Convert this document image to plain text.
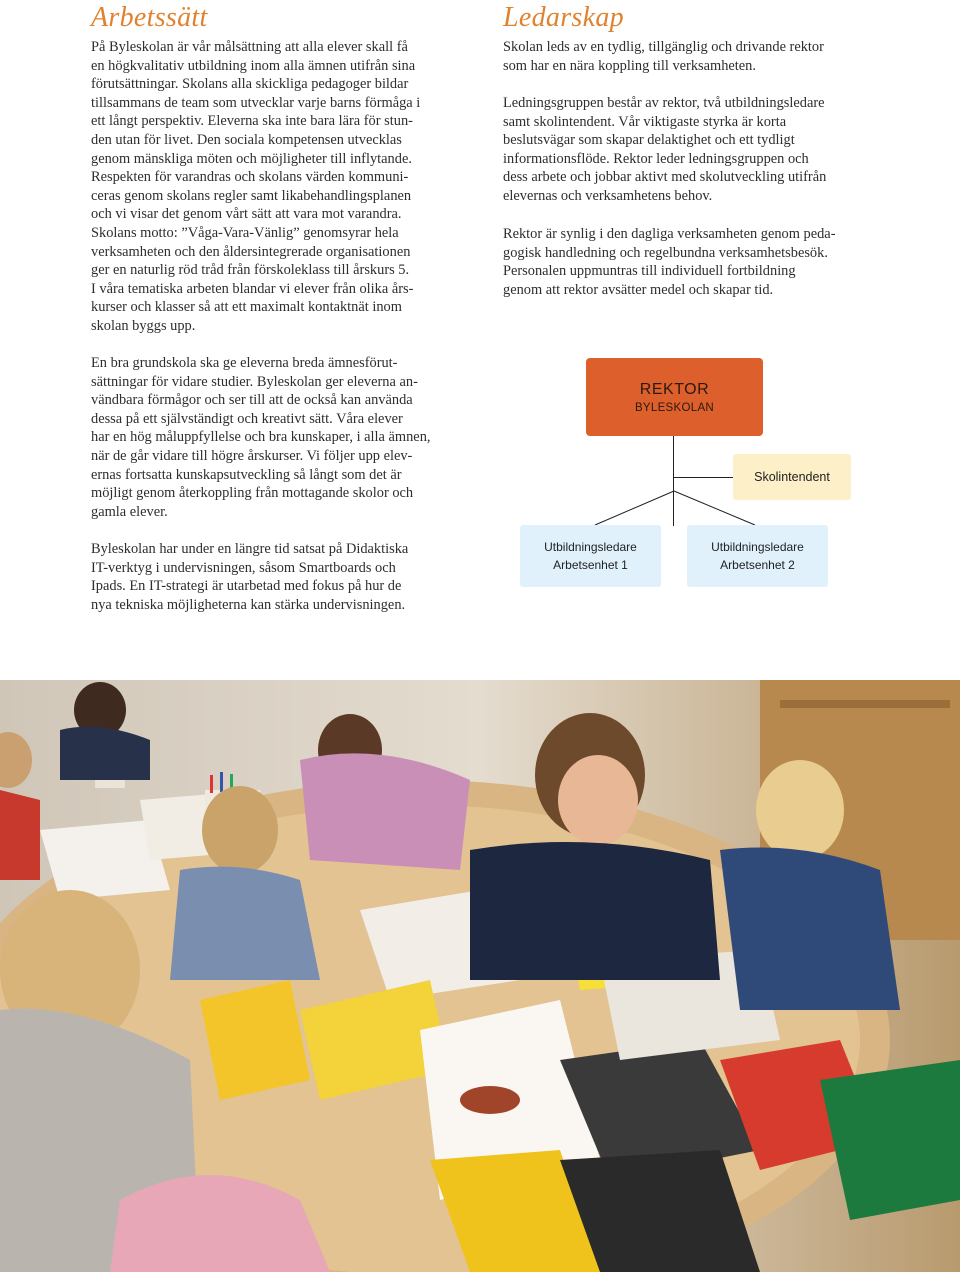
Arbetssätt
På Byleskolan är vår målsättning att alla elever skall få
en högkvalitativ utbildning inom alla ämnen utifrån sina
förutsättningar. Skolans alla skickliga pedagoger bildar
tillsammans de team som utvecklar varje barns förmåga i
ett långt perspektiv. Eleverna ska inte bara lära för stun-
den utan för livet. Den sociala kompetensen utvecklas
genom mänskliga möten och möjligheter till inflytande.
Respekten för varandras och skolans värden kommuni-
ceras genom skolans regler samt likabehandlingsplanen
och vi visar det genom vårt sätt att vara mot varandra.
Skolans motto: ”Våga-Vara-Vänlig” genomsyrar hela
verksamheten och den åldersintegrerade organisationen
ger en naturlig röd tråd från förskoleklass till årskurs 5.
I våra tematiska arbeten blandar vi elever från olika års-
kurser och klasser så att ett maximalt kontaktnät inom
skolan byggs upp.
En bra grundskola ska ge eleverna breda ämnesförut-
sättningar för vidare studier. Byleskolan ger eleverna an-
vändbara förmågor och ser till att de också kan använda
dessa på ett självständigt och kreativt sätt. Våra elever
har en hög måluppfyllelse och bra kunskaper, i alla ämnen,
när de går vidare till högre årskurser. Vi följer upp elev-
ernas fortsatta kunskapsutveckling så långt som det är
möjligt genom återkoppling från mottagande skolor och
gamla elever.
Byleskolan har under en längre tid satsat på Didaktiska
IT-verktyg i undervisningen, såsom Smartboards och
Ipads. En IT-strategi är utarbetad med fokus på hur de
nya tekniska möjligheterna kan stärka undervisningen.
Ledarskap
Skolan leds av en tydlig, tillgänglig och drivande rektor
som har en nära koppling till verksamheten.
Ledningsgruppen består av rektor, två utbildningsledare
samt skolintendent. Vår viktigaste styrka är korta
beslutsvägar som skapar delaktighet och ett tydligt
informationsflöde. Rektor leder ledningsgruppen och
dess arbete och jobbar aktivt med skolutveckling utifrån
elevernas och verksamhetens behov.
Rektor är synlig i den dagliga verksamheten genom peda-
gogisk handledning och regelbundna verksamhetsbesök.
Personalen uppmuntras till individuell fortbildning
genom att rektor avsätter medel och skapar tid.
REKTOR
BYLESKOLAN
Skolintendent
Utbildningsledare
Arbetsenhet 1
Utbildningsledare
Arbetsenhet 2
